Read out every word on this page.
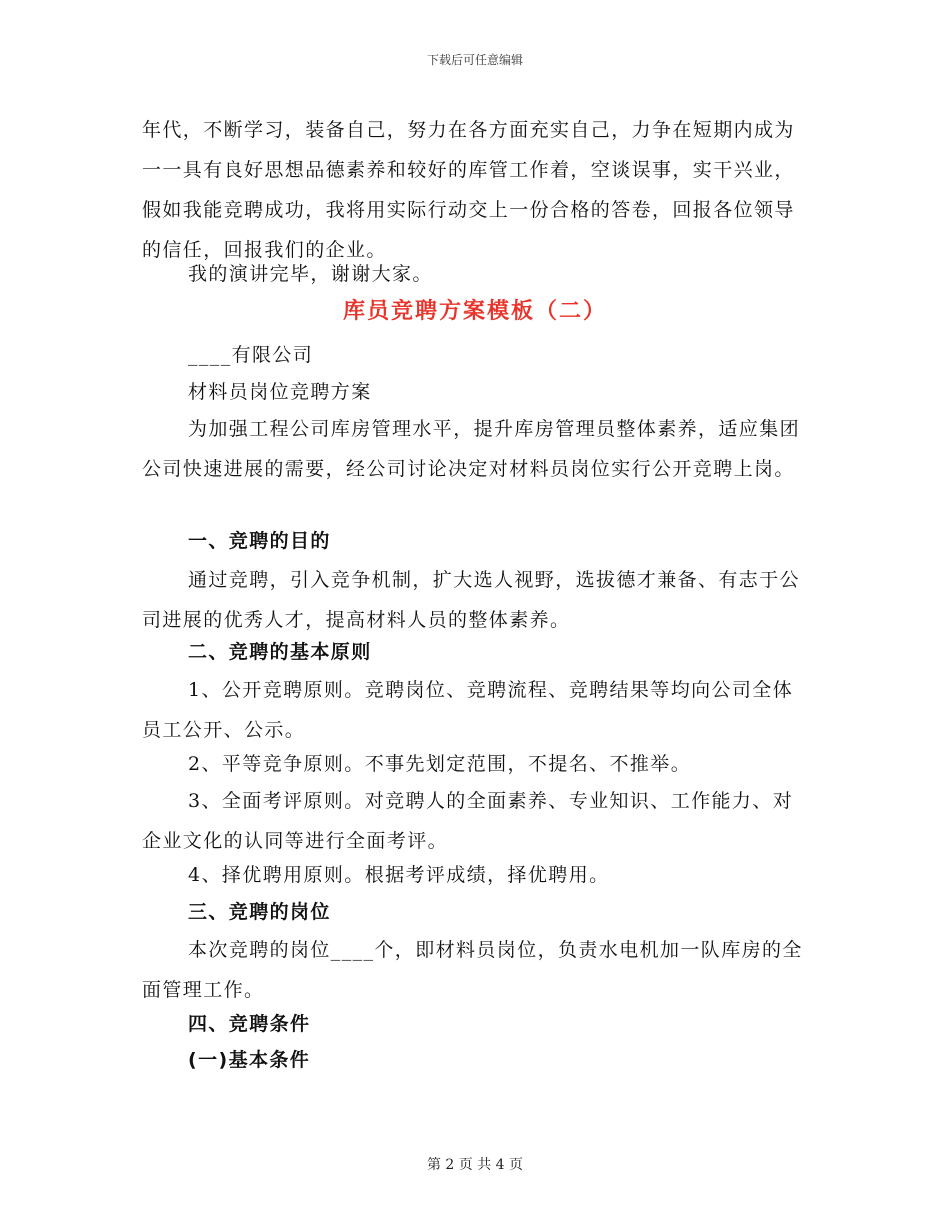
下载后可任意编辑

年代，不断学习，装备自己，努力在各方面充实自己，力争在短期内成为一一具有良好思想品德素养和较好的库管工作着，空谈误事，实干兴业，假如我能竞聘成功，我将用实际行动交上一份合格的答卷，回报各位领导的信任，回报我们的企业。

我的演讲完毕，谢谢大家。

库员竞聘方案模板（二）

____有限公司

材料员岗位竞聘方案

为加强工程公司库房管理水平，提升库房管理员整体素养，适应集团公司快速进展的需要，经公司讨论决定对材料员岗位实行公开竞聘上岗。

一、竞聘的目的

通过竞聘，引入竞争机制，扩大选人视野，选拔德才兼备、有志于公司进展的优秀人才，提高材料人员的整体素养。

二、竞聘的基本原则

1、公开竞聘原则。竞聘岗位、竞聘流程、竞聘结果等均向公司全体员工公开、公示。

2、平等竞争原则。不事先划定范围，不提名、不推举。

3、全面考评原则。对竞聘人的全面素养、专业知识、工作能力、对企业文化的认同等进行全面考评。

4、择优聘用原则。根据考评成绩，择优聘用。

三、竞聘的岗位

本次竞聘的岗位____个，即材料员岗位，负责水电机加一队库房的全面管理工作。

四、竞聘条件

(一)基本条件

第 2 页 共 4 页
